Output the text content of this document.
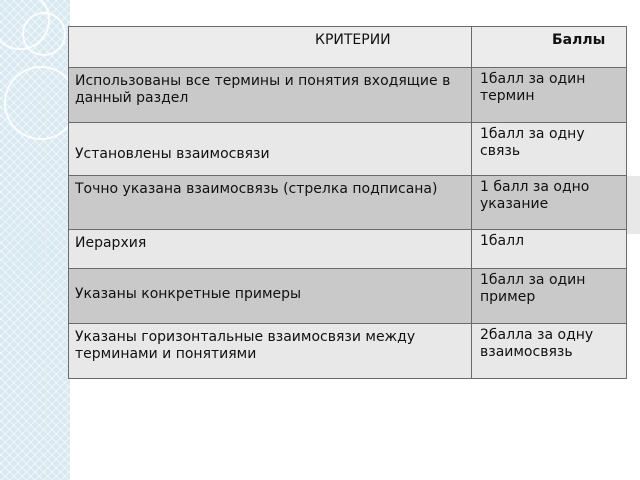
КРИТЕРИИ	Баллы

Использованы все термины и понятия входящие в данный раздел	1балл за один термин

Установлены взаимосвязи	1балл за одну связь

Точно указана взаимосвязь (стрелка подписана)	1 балл за одно указание

Иерархия	1балл

Указаны конкретные примеры	1балл за один пример

Указаны горизонтальные взаимосвязи между терминами и понятиями	2балла за одну взаимосвязь
